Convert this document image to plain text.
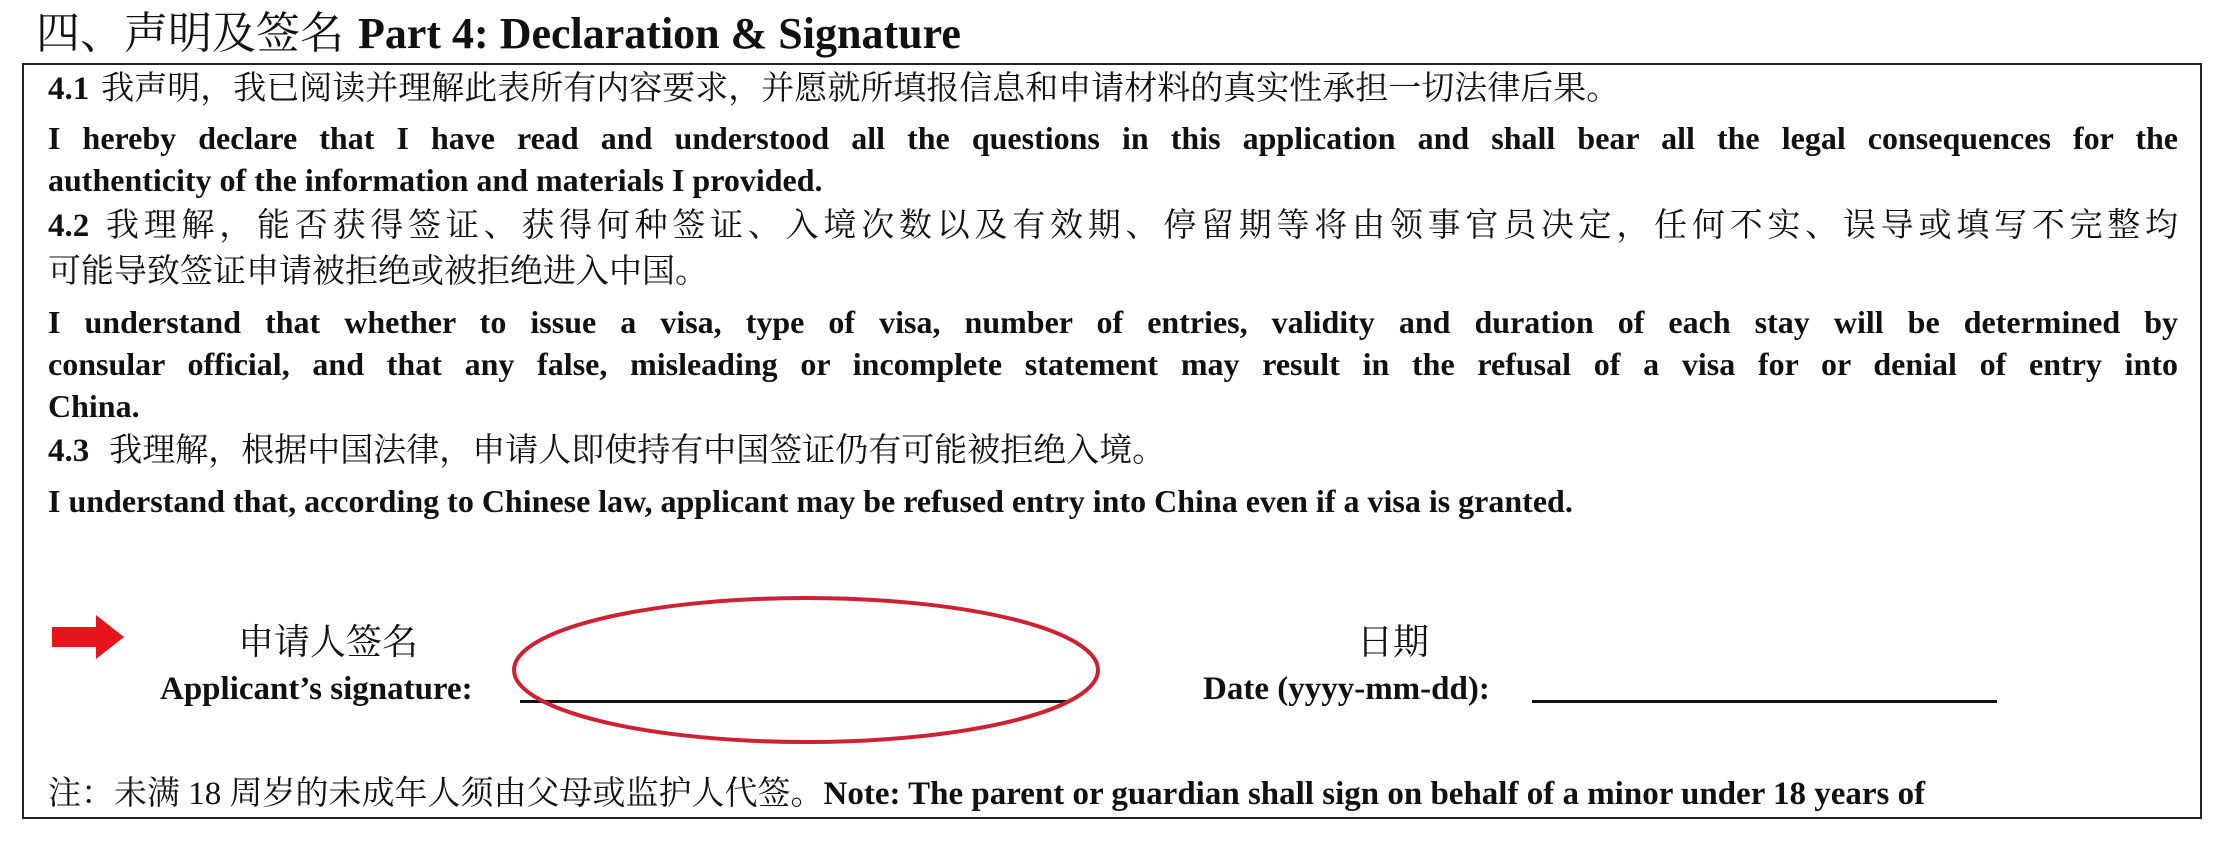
四、声明及签名 Part 4: Declaration & Signature
4.1 我声明，我已阅读并理解此表所有内容要求，并愿就所填报信息和申请材料的真实性承担一切法律后果。
I hereby declare that I have read and understood all the questions in this application and shall bear all the legal consequences for the
authenticity of the information and materials I provided.
4.2 我理解，能否获得签证、获得何种签证、入境次数以及有效期、停留期等将由领事官员决定，任何不实、误导或填写不完整均
可能导致签证申请被拒绝或被拒绝进入中国。
I understand that whether to issue a visa, type of visa, number of entries, validity and duration of each stay will be determined by
consular official, and that any false, misleading or incomplete statement may result in the refusal of a visa for or denial of entry into
China.
4.3 我理解，根据中国法律，申请人即使持有中国签证仍有可能被拒绝入境。
I understand that, according to Chinese law, applicant may be refused entry into China even if a visa is granted.
申请人签名
Applicant’s signature:
日期
Date (yyyy-mm-dd):
注：未满 18 周岁的未成年人须由父母或监护人代签。Note: The parent or guardian shall sign on behalf of a minor under 18 years of
